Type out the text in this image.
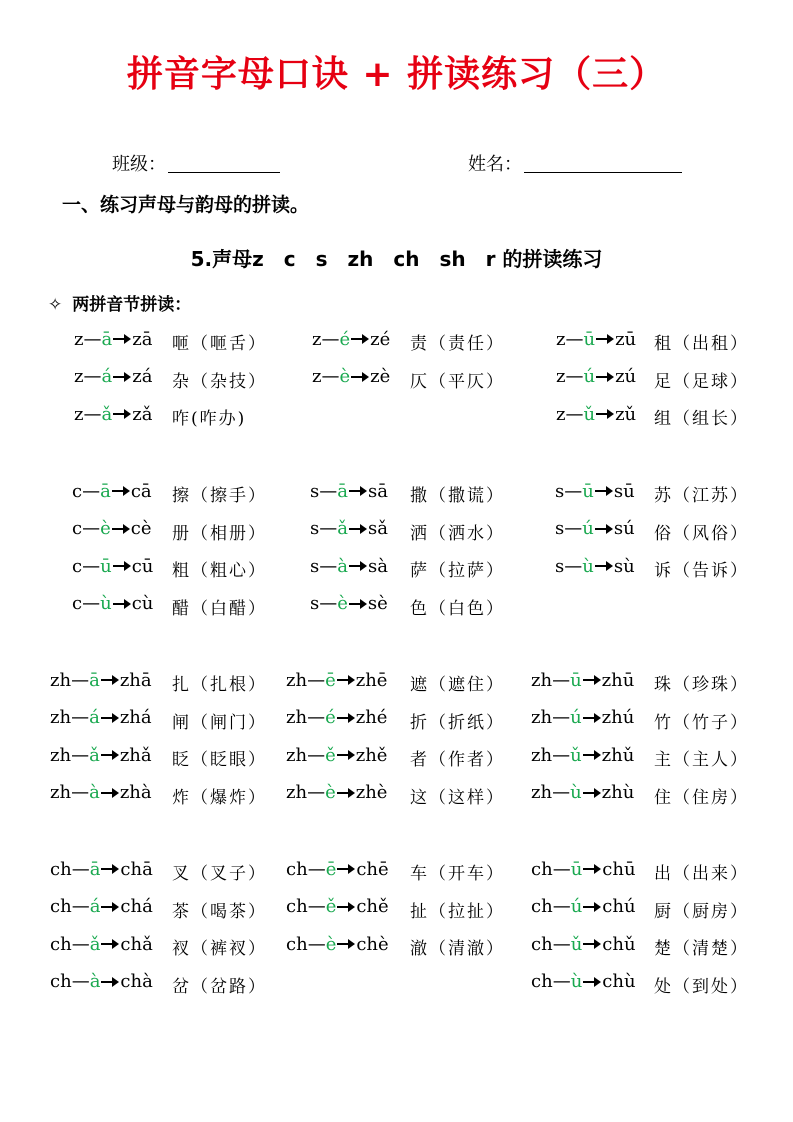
拼音字母口诀 + 拼读练习（三）
班级：	姓名：
一、练习声母与韵母的拼读。
5.声母z　c　s　zh　ch　sh　r 的拼读练习
✧ 两拼音节拼读：
z — ā zā 咂（咂舌）
z — á zá 杂（杂技）
z — ǎ zǎ 咋(咋办)
z — é zé 责（责任）
z — è zè 仄（平仄）
z — ū zū 租（出租）
z — ú zú 足（足球）
z — ǔ zǔ 组（组长）
c — ā cā 擦（擦手）
c — è cè 册（相册）
c — ū cū 粗（粗心）
c — ù cù 醋（白醋）
s — ā sā 撒（撒谎）
s — ǎ sǎ 洒（洒水）
s — à sà 萨（拉萨）
s — è sè 色（白色）
s — ū sū 苏（江苏）
s — ú sú 俗（风俗）
s — ù sù 诉（告诉）
zh — ā zhā 扎（扎根）
zh — á zhá 闸（闸门）
zh — ǎ zhǎ 眨（眨眼）
zh — à zhà 炸（爆炸）
zh — ē zhē 遮（遮住）
zh — é zhé 折（折纸）
zh — ě zhě 者（作者）
zh — è zhè 这（这样）
zh — ū zhū 珠（珍珠）
zh — ú zhú 竹（竹子）
zh — ǔ zhǔ 主（主人）
zh — ù zhù 住（住房）
ch — ā chā 叉（叉子）
ch — á chá 茶（喝茶）
ch — ǎ chǎ 衩（裤衩）
ch — à chà 岔（岔路）
ch — ē chē 车（开车）
ch — ě chě 扯（拉扯）
ch — è chè 澈（清澈）
ch — ū chū 出（出来）
ch — ú chú 厨（厨房）
ch — ǔ chǔ 楚（清楚）
ch — ù chù 处（到处）
